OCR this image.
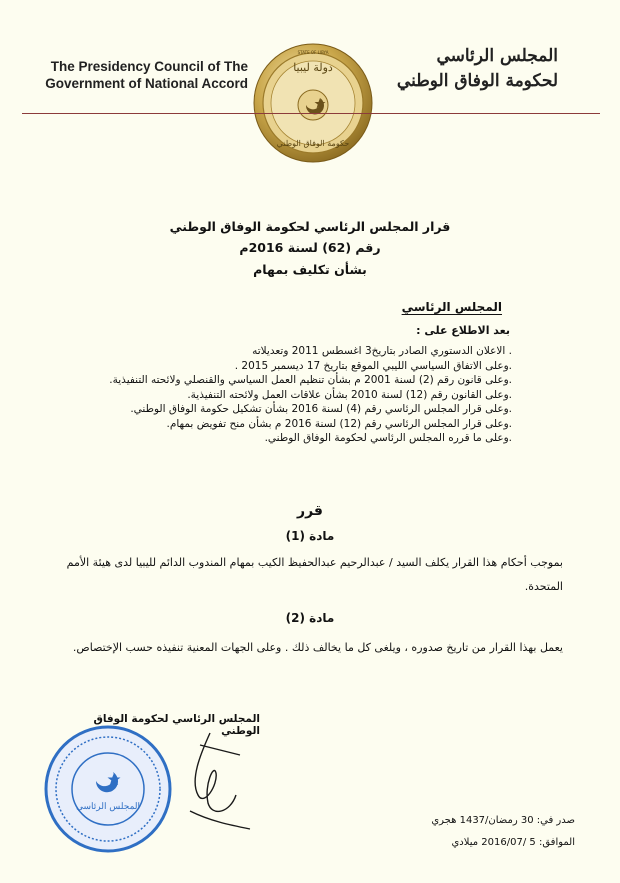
The Presidency Council of The
Government of National Accord
دولة ليبيا
حكومة الوفاق الوطني
STATE OF LIBYA	المجلس الرئاسي
لحكومة الوفاق الوطني
قرار المجلس الرئاسي لحكومة الوفاق الوطني
رقم (62) لسنة 2016م
بشأن تكليف بمهام
المجلس الرئاسي
بعد الاطلاع على :
. الاعلان الدستوري الصادر بتاريخ3 اغسطس 2011 وتعديلاته
.وعلى الاتفاق السياسي الليبي الموقع بتاريخ 17 ديسمبر 2015 .
.وعلى قانون رقم (2) لسنة 2001 م بشأن تنظيم العمل السياسي والقنصلي ولائحته التنفيذية.
.وعلى القانون رقم (12) لسنة 2010 بشأن علاقات العمل ولائحته التنفيذية.
.وعلى قرار المجلس الرئاسي رقم (4) لسنة 2016 بشأن تشكيل حكومة الوفاق الوطني.
.وعلى قرار المجلس الرئاسي رقم (12) لسنة 2016 م بشأن منح تفويض بمهام.
.وعلى ما قرره المجلس الرئاسي لحكومة الوفاق الوطني.
قرر
مادة (1)
بموجب أحكام هذا القرار يكلف السيد / عبدالرحيم عبدالحفيظ الكيب بمهام المندوب الدائم لليبيا لدى هيئة الأمم المتحدة.
مادة (2)
يعمل بهذا القرار من تاريخ صدوره ، ويلغى كل ما يخالف ذلك . وعلى الجهات المعنية تنفيذه حسب الإختصاص.
المجلس الرئاسي لحكومة الوفاق الوطني
المجلس الرئاسي
صدر في: 30 رمضان/1437 هجري
الموافق: 5 /2016/07 ميلادي
